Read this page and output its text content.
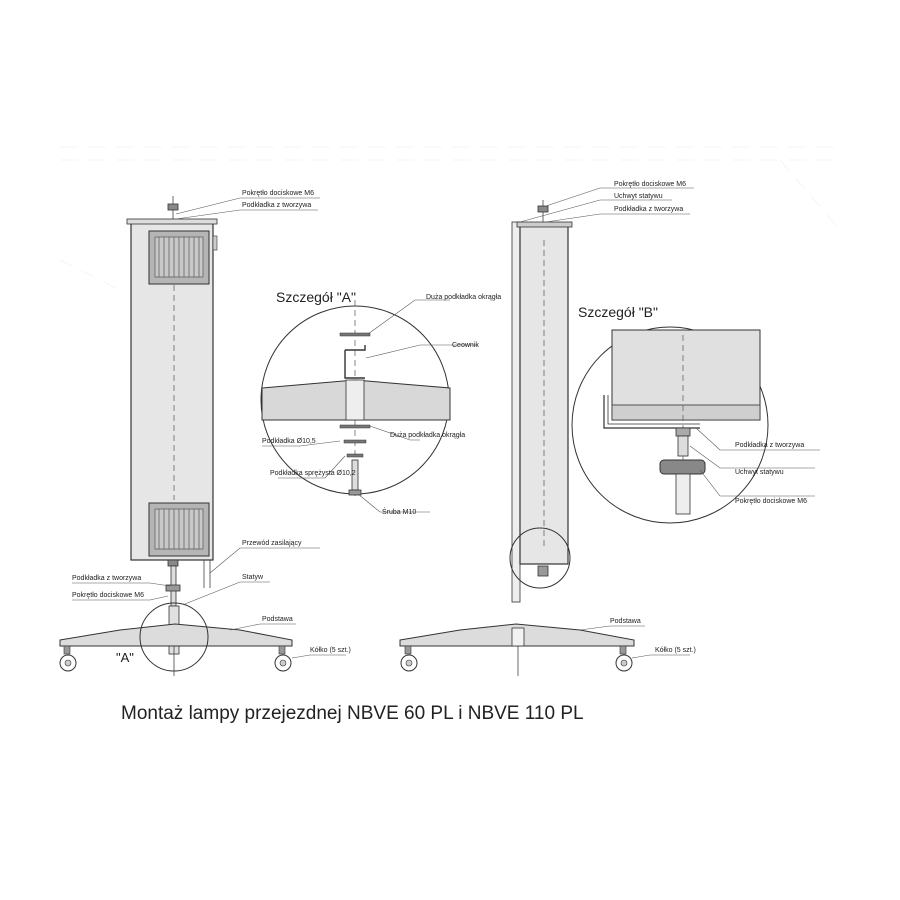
Pokrętło dociskowe M6
Podkładka z tworzywa
Przewód zasilający
Podkładka z tworzywa	Statyw
Pokrętło dociskowe M6
Podstawa
Kółko (5 szt.)
"A"
Szczegół "A"	Duża podkładka okrągła
Ceownik
Podkładka Ø10,5
Duża podkładka okrągła
Podkładka sprężysta Ø10,2
Śruba M10
Pokrętło dociskowe M6
Uchwyt statywu
Podkładka z tworzywa
Podstawa
Kółko (5 szt.)
Szczegół "B"
Podkładka z tworzywa
Uchwyt statywu
Pokrętło dociskowe M6
Montaż lampy przejezdnej NBVE 60 PL i NBVE 110 PL
